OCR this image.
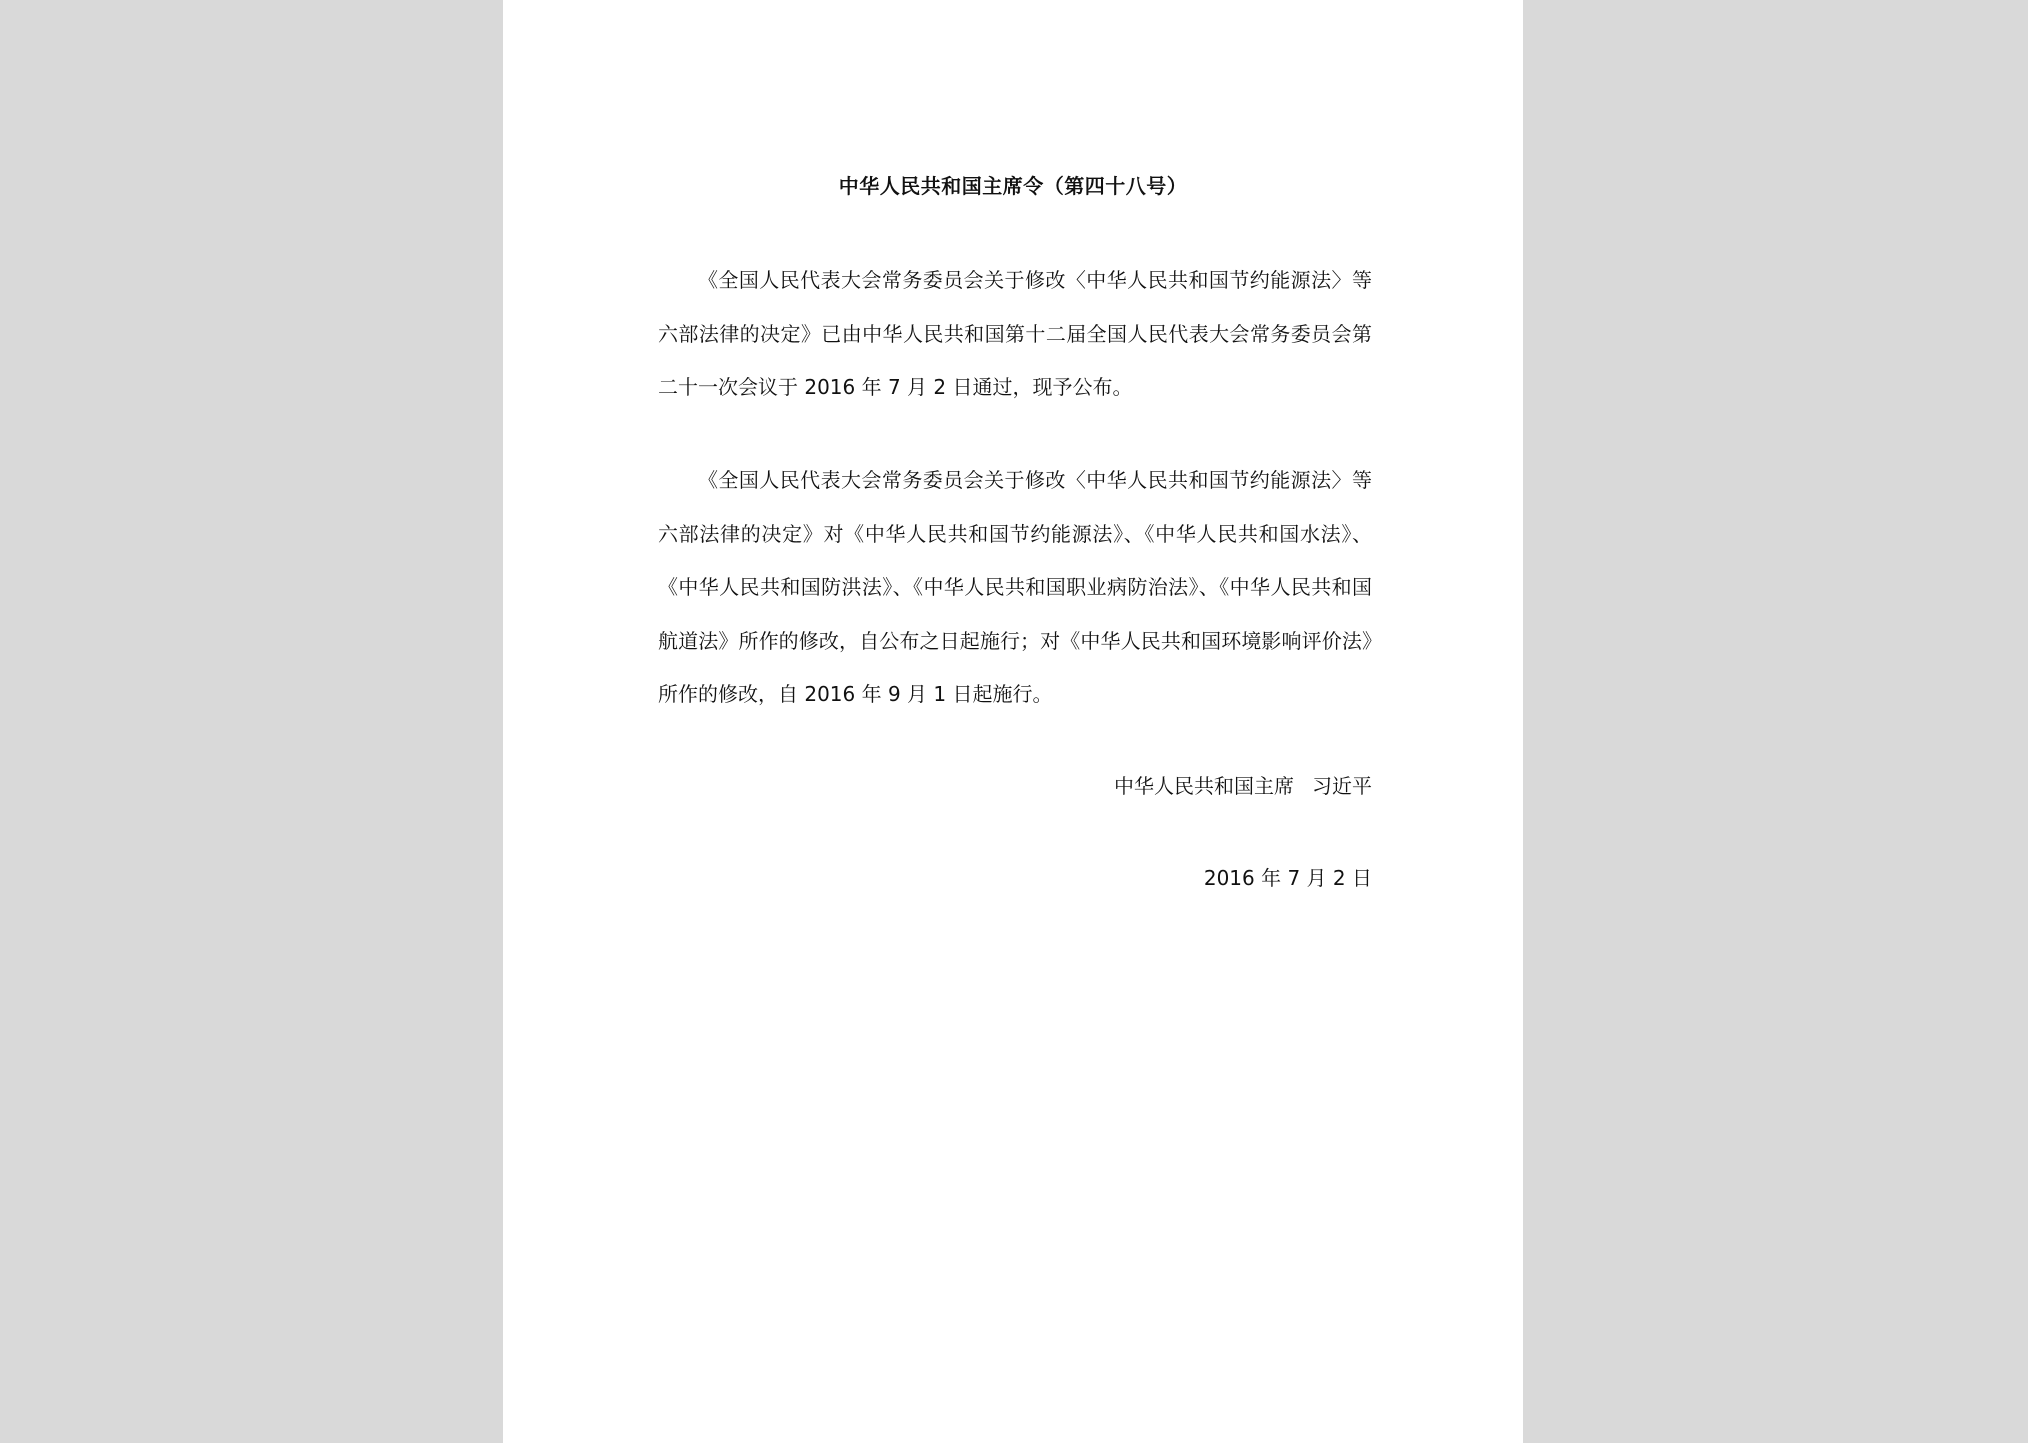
中华人民共和国主席令（第四十八号）

《全国人民代表大会常务委员会关于修改〈中华人民共和国节约能源法〉等六部法律的决定》已由中华人民共和国第十二届全国人民代表大会常务委员会第二十一次会议于 2016 年 7 月 2 日通过，现予公布。

《全国人民代表大会常务委员会关于修改〈中华人民共和国节约能源法〉等六部法律的决定》对《中华人民共和国节约能源法》、《中华人民共和国水法》、《中华人民共和国防洪法》、《中华人民共和国职业病防治法》、《中华人民共和国航道法》所作的修改，自公布之日起施行；对《中华人民共和国环境影响评价法》所作的修改，自 2016 年 9 月 1 日起施行。

中华人民共和国主席 习近平
2016 年 7 月 2 日
